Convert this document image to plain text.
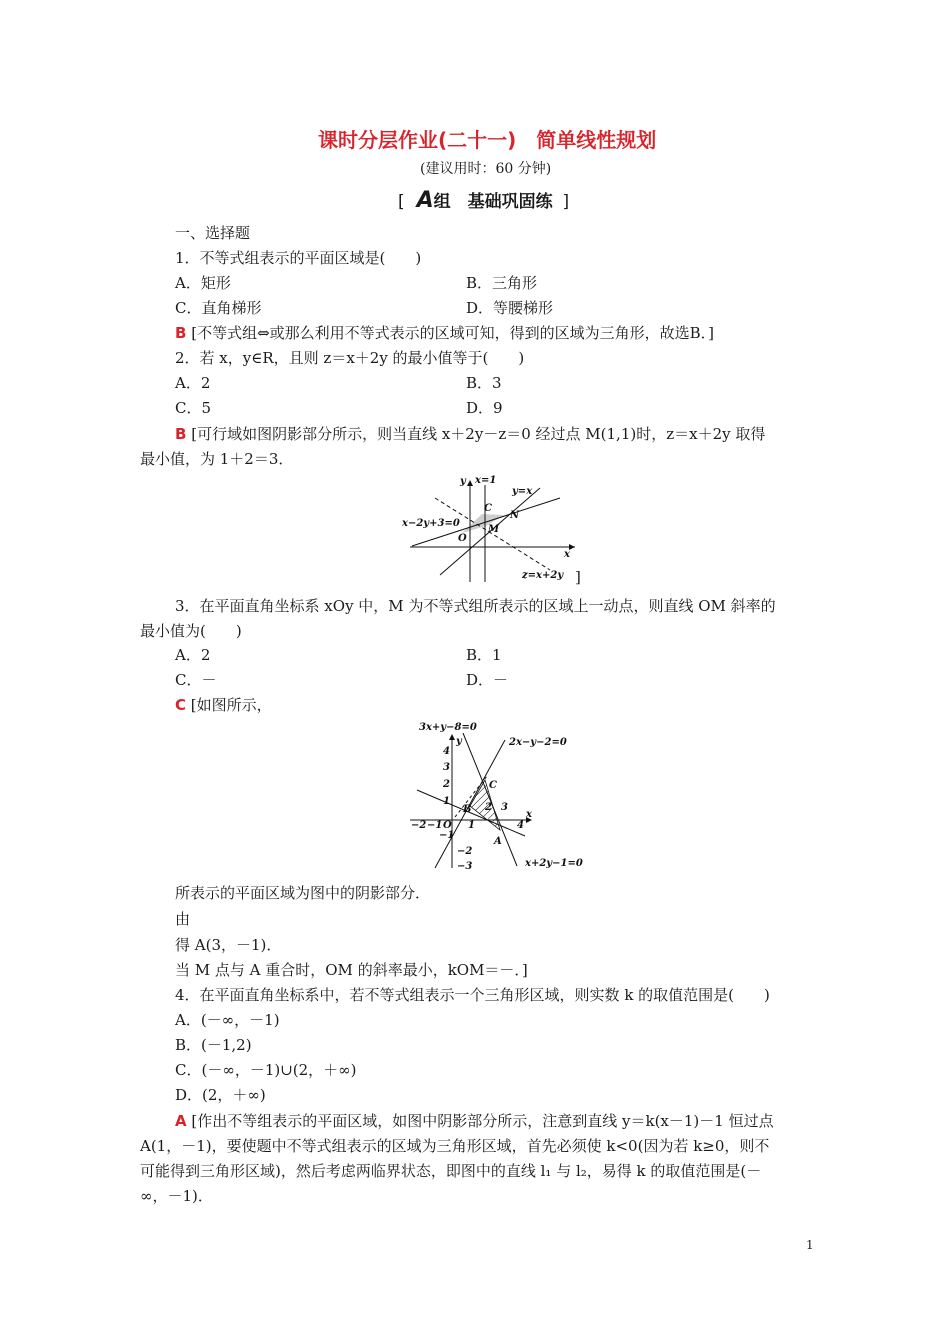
课时分层作业(二十一)　简单线性规划
(建议用时：60 分钟)
[ A组　基础巩固练 ]
一、选择题
1．不等式组表示的平面区域是(　　)
A．矩形	B．三角形
C．直角梯形	D．等腰梯形
B [不等式组⇔或那么利用不等式表示的区域可知，得到的区域为三角形，故选B．]
2．若 x，y∈R，且则 z＝x＋2y 的最小值等于(　　)
A．2	B．3
C．5	D．9
B [可行域如图阴影部分所示，则当直线 x＋2y－z＝0 经过点 M(1,1)时，z＝x＋2y 取得最小值，为 1＋2＝3．
y x=1
y=x
C
N
x−2y+3=0
M
O
x
z=x+2y ]
3．在平面直角坐标系 xOy 中，M 为不等式组所表示的区域上一动点，则直线 OM 斜率的最小值为(　　)
A．2	B．1
C．－	D．－
C [如图所示，
3x+y−8=0
2x−y−2=0
x+2y−1=0
y
x
4
3
2
1
−1
−2
−3
−2 −1 O 1
2 3
4
C
B
A
所表示的平面区域为图中的阴影部分．
由
得 A(3，－1)．
当 M 点与 A 重合时，OM 的斜率最小，kOM＝－．]
4．在平面直角坐标系中，若不等式组表示一个三角形区域，则实数 k 的取值范围是(　　)
A．(－∞，－1)
B．(－1,2)
C．(－∞，－1)∪(2，＋∞)
D．(2，＋∞)
A [作出不等组表示的平面区域，如图中阴影部分所示，注意到直线 y＝k(x－1)－1 恒过点 A(1，－1)，要使题中不等式组表示的区域为三角形区域，首先必须使 k<0(因为若 k≥0，则不可能得到三角形区域)，然后考虑两临界状态，即图中的直线 l₁ 与 l₂，易得 k 的取值范围是(－∞，－1)．
1
